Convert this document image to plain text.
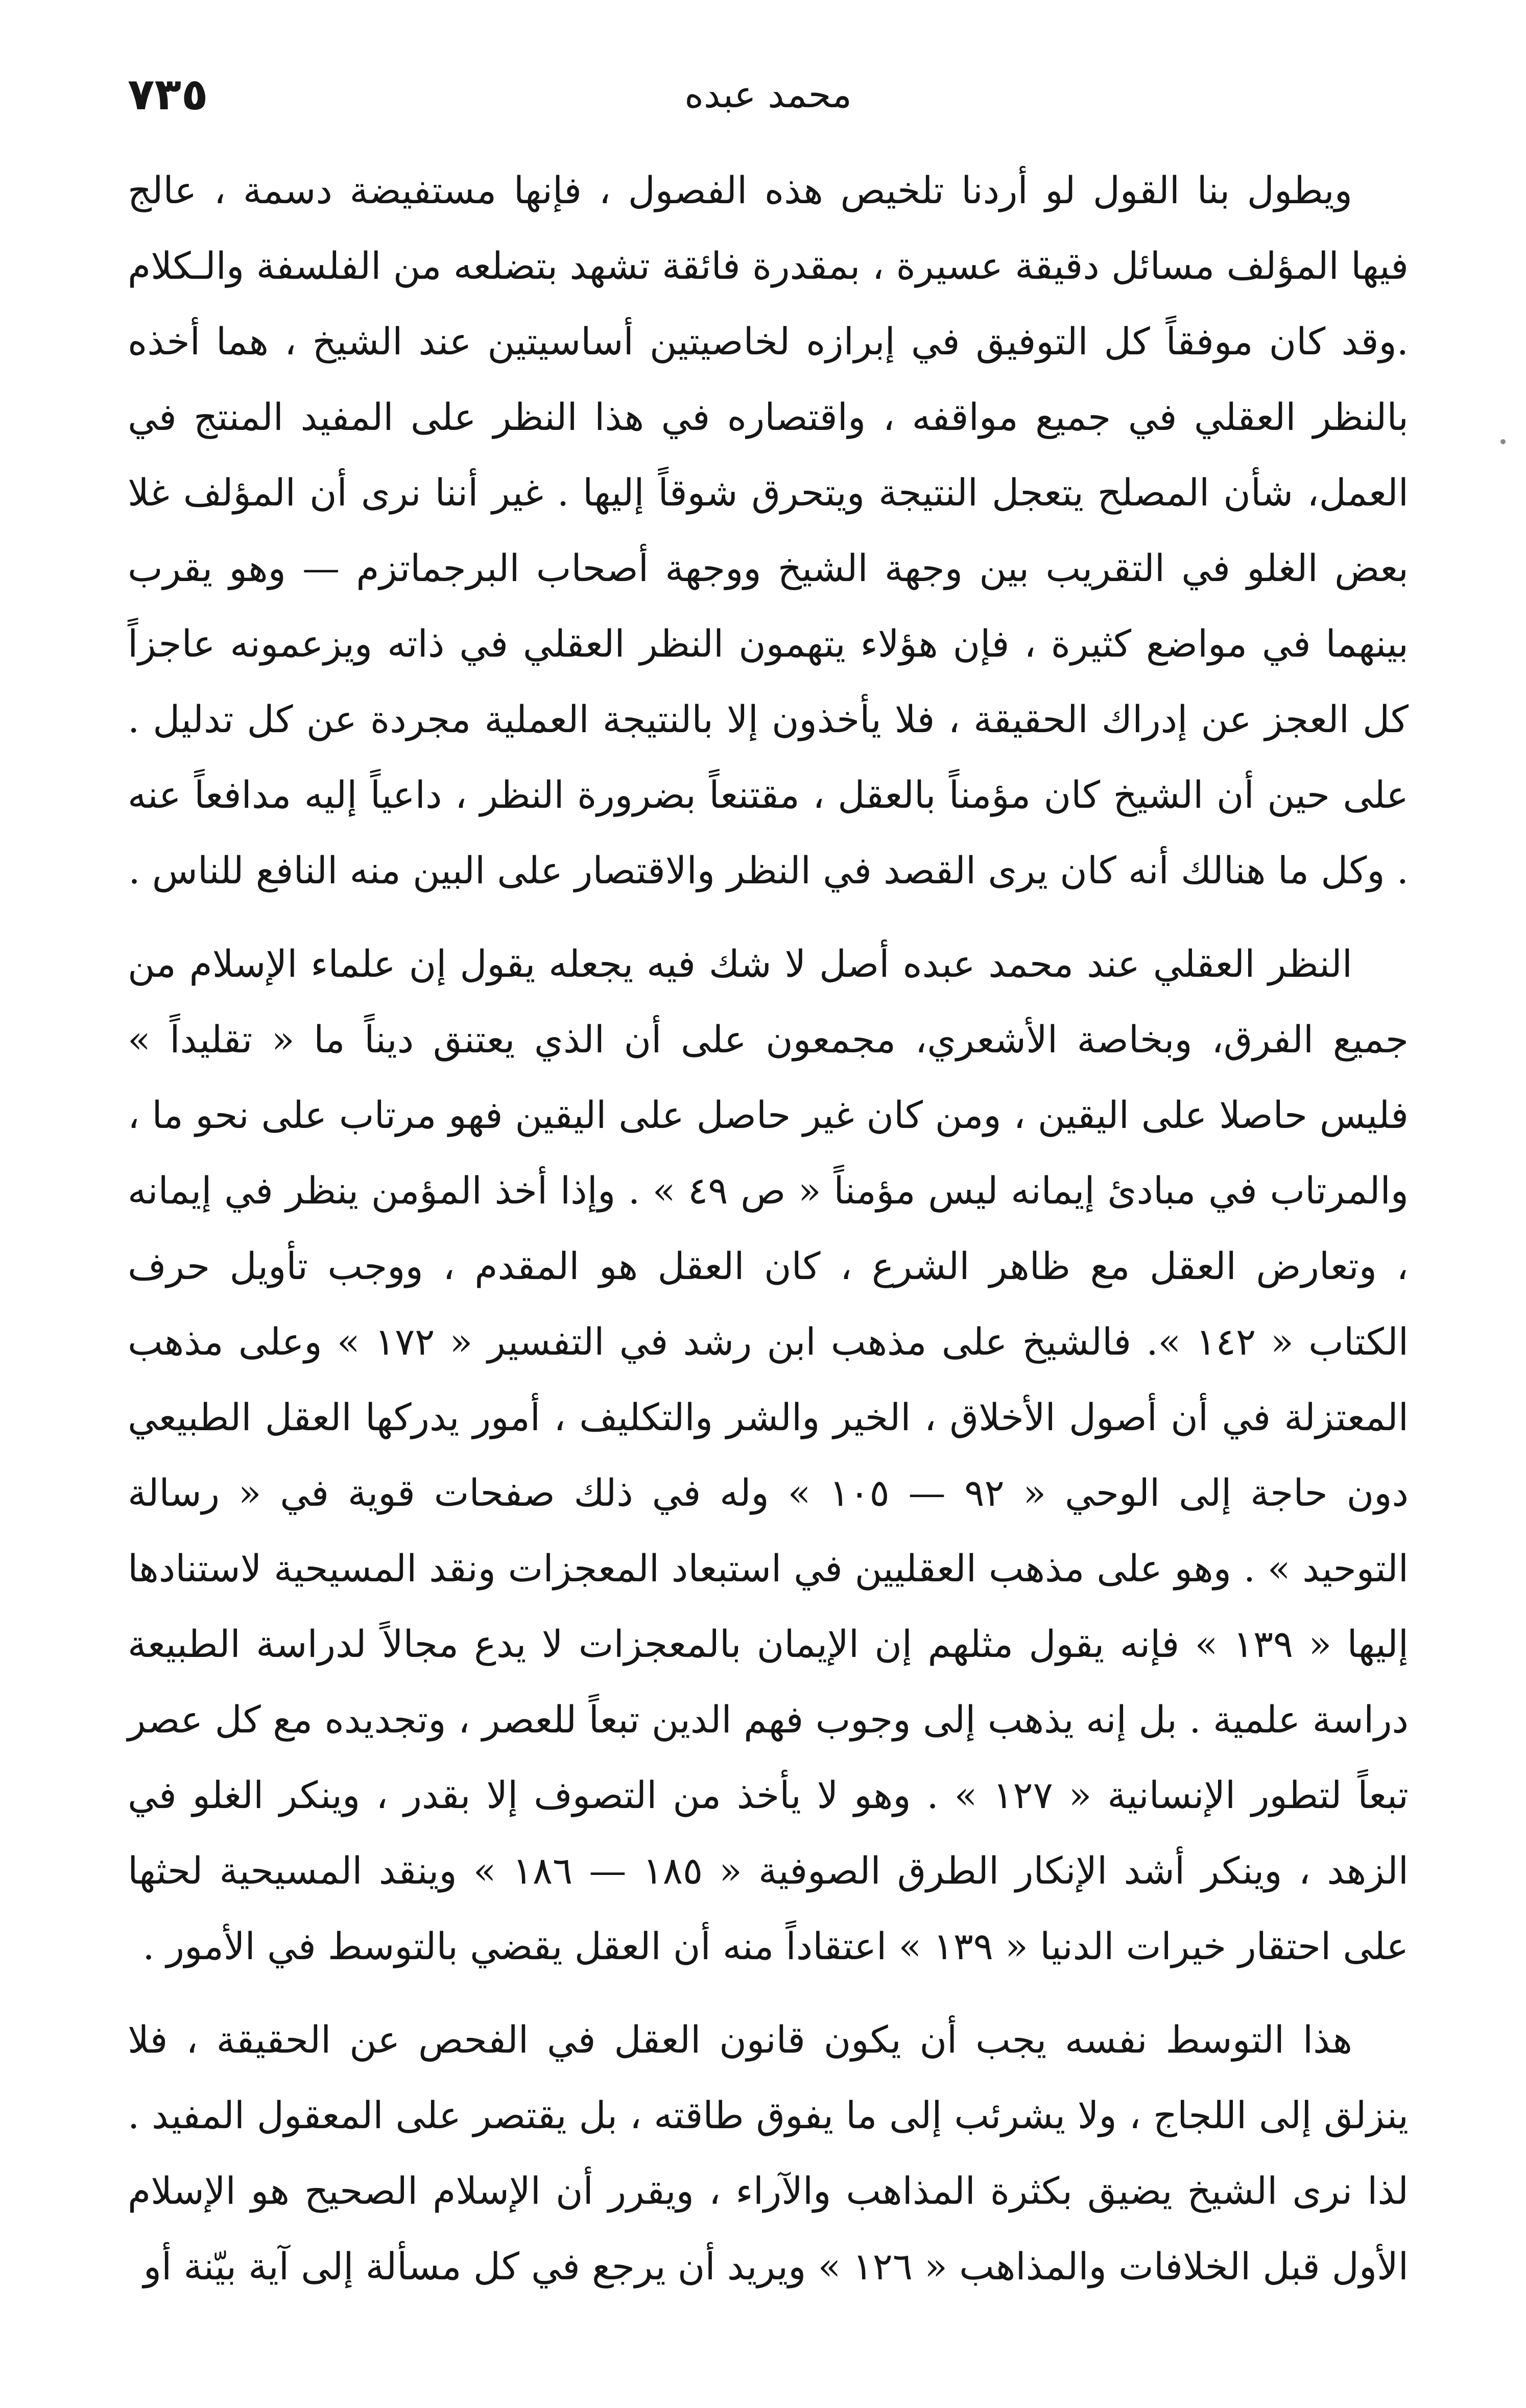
٧٣٥	محمد عبده

ويطول بنا القول لو أردنا تلخيص هذه الفصول ، فإنها مستفيضة دسمة ، عالج فيها المؤلف مسائل دقيقة عسيرة ، بمقدرة فائقة تشهد بتضلعه من الفلسفة والـكلام .وقد كان موفقاً كل التوفيق في إبرازه لخاصيتين أساسيتين عند الشيخ ، هما أخذه بالنظر العقلي في جميع مواقفه ، واقتصاره في هذا النظر على المفيد المنتج في العمل، شأن المصلح يتعجل النتيجة ويتحرق شوقاً إليها . غير أننا نرى أن المؤلف غلا بعض الغلو في التقريب بين وجهة الشيخ ووجهة أصحاب البرجماتزم — وهو يقرب بينهما في مواضع كثيرة ، فإن هؤلاء يتهمون النظر العقلي في ذاته ويزعمونه عاجزاً كل العجز عن إدراك الحقيقة ، فلا يأخذون إلا بالنتيجة العملية مجردة عن كل تدليل . على حين أن الشيخ كان مؤمناً بالعقل ، مقتنعاً بضرورة النظر ، داعياً إليه مدافعاً عنه . وكل ما هنالك أنه كان يرى القصد في النظر والاقتصار على البين منه النافع للناس .

النظر العقلي عند محمد عبده أصل لا شك فيه يجعله يقول إن علماء الإسلام من جميع الفرق، وبخاصة الأشعري، مجمعون على أن الذي يعتنق ديناً ما « تقليداً » فليس حاصلا على اليقين ، ومن كان غير حاصل على اليقين فهو مرتاب على نحو ما ، والمرتاب في مبادئ إيمانه ليس مؤمناً « ص ٤٩ » . وإذا أخذ المؤمن ينظر في إيمانه ، وتعارض العقل مع ظاهر الشرع ، كان العقل هو المقدم ، ووجب تأويل حرف الكتاب « ١٤٢ ». فالشيخ على مذهب ابن رشد في التفسير « ١٧٢ » وعلى مذهب المعتزلة في أن أصول الأخلاق ، الخير والشر والتكليف ، أمور يدركها العقل الطبيعي دون حاجة إلى الوحي « ٩٢ — ١٠٥ » وله في ذلك صفحات قوية في « رسالة التوحيد » . وهو على مذهب العقليين في استبعاد المعجزات ونقد المسيحية لاستنادها إليها « ١٣٩ » فإنه يقول مثلهم إن الإيمان بالمعجزات لا يدع مجالاً لدراسة الطبيعة دراسة علمية . بل إنه يذهب إلى وجوب فهم الدين تبعاً للعصر ، وتجديده مع كل عصر تبعاً لتطور الإنسانية « ١٢٧ » . وهو لا يأخذ من التصوف إلا بقدر ، وينكر الغلو في الزهد ، وينكر أشد الإنكار الطرق الصوفية « ١٨٥ — ١٨٦ » وينقد المسيحية لحثها على احتقار خيرات الدنيا « ١٣٩ » اعتقاداً منه أن العقل يقضي بالتوسط في الأمور .

هذا التوسط نفسه يجب أن يكون قانون العقل في الفحص عن الحقيقة ، فلا ينزلق إلى اللجاج ، ولا يشرئب إلى ما يفوق طاقته ، بل يقتصر على المعقول المفيد . لذا نرى الشيخ يضيق بكثرة المذاهب والآراء ، ويقرر أن الإسلام الصحيح هو الإسلام الأول قبل الخلافات والمذاهب « ١٢٦ » ويريد أن يرجع في كل مسألة إلى آية بيّنة أو
